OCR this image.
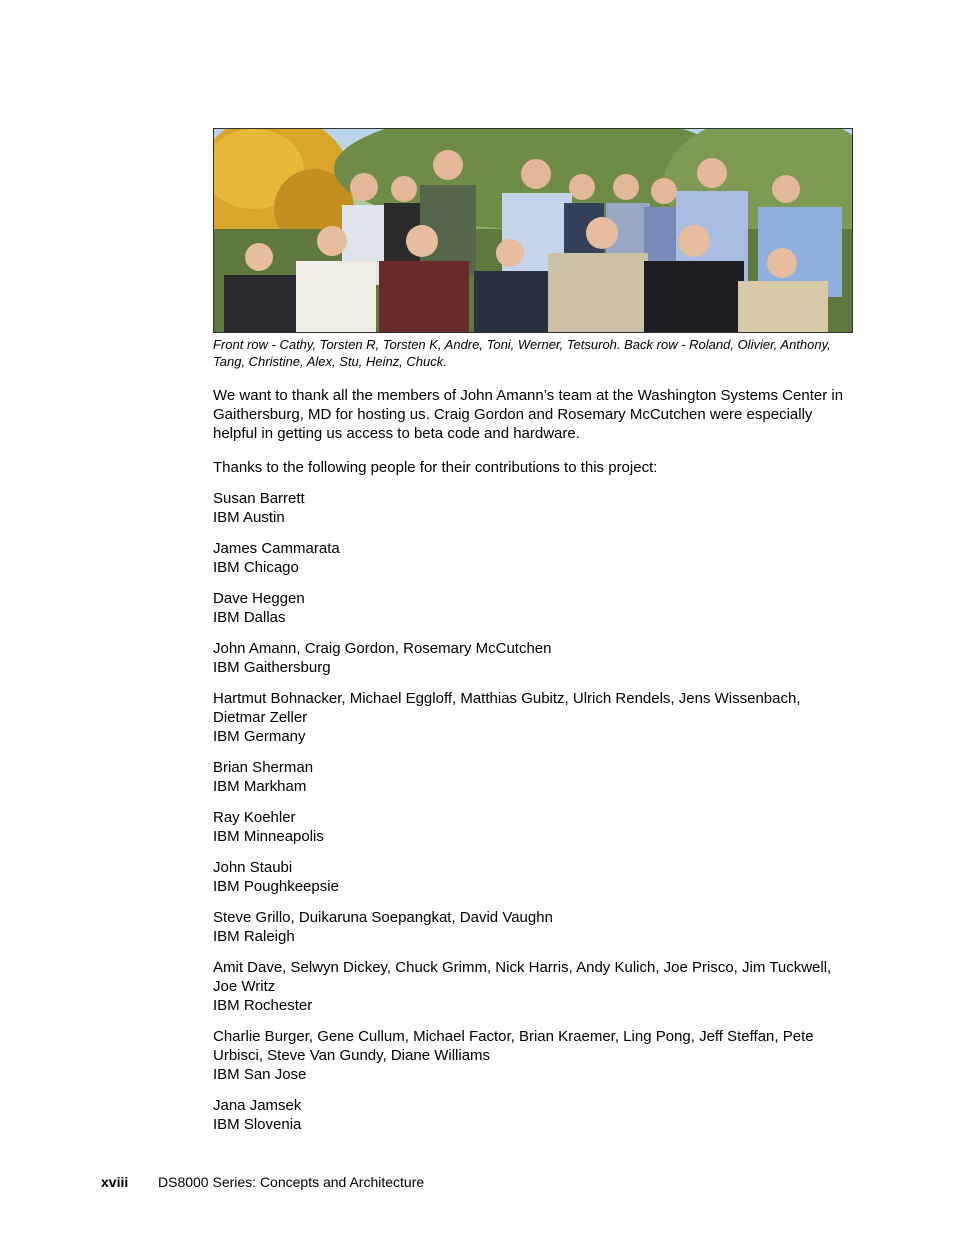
Front row - Cathy, Torsten R, Torsten K, Andre, Toni, Werner, Tetsuroh. Back row - Roland, Olivier, Anthony, Tang, Christine, Alex, Stu, Heinz, Chuck.

We want to thank all the members of John Amann’s team at the Washington Systems Center in Gaithersburg, MD for hosting us. Craig Gordon and Rosemary McCutchen were especially helpful in getting us access to beta code and hardware.

Thanks to the following people for their contributions to this project:

Susan Barrett
IBM Austin
James Cammarata
IBM Chicago
Dave Heggen
IBM Dallas
John Amann, Craig Gordon, Rosemary McCutchen
IBM Gaithersburg
Hartmut Bohnacker, Michael Eggloff, Matthias Gubitz, Ulrich Rendels, Jens Wissenbach, Dietmar Zeller
IBM Germany
Brian Sherman
IBM Markham
Ray Koehler
IBM Minneapolis
John Staubi
IBM Poughkeepsie
Steve Grillo, Duikaruna Soepangkat, David Vaughn
IBM Raleigh
Amit Dave, Selwyn Dickey, Chuck Grimm, Nick Harris, Andy Kulich, Joe Prisco, Jim Tuckwell, Joe Writz
IBM Rochester
Charlie Burger, Gene Cullum, Michael Factor, Brian Kraemer, Ling Pong, Jeff Steffan, Pete Urbisci, Steve Van Gundy, Diane Williams
IBM San Jose
Jana Jamsek
IBM Slovenia
xviii DS8000 Series: Concepts and Architecture
